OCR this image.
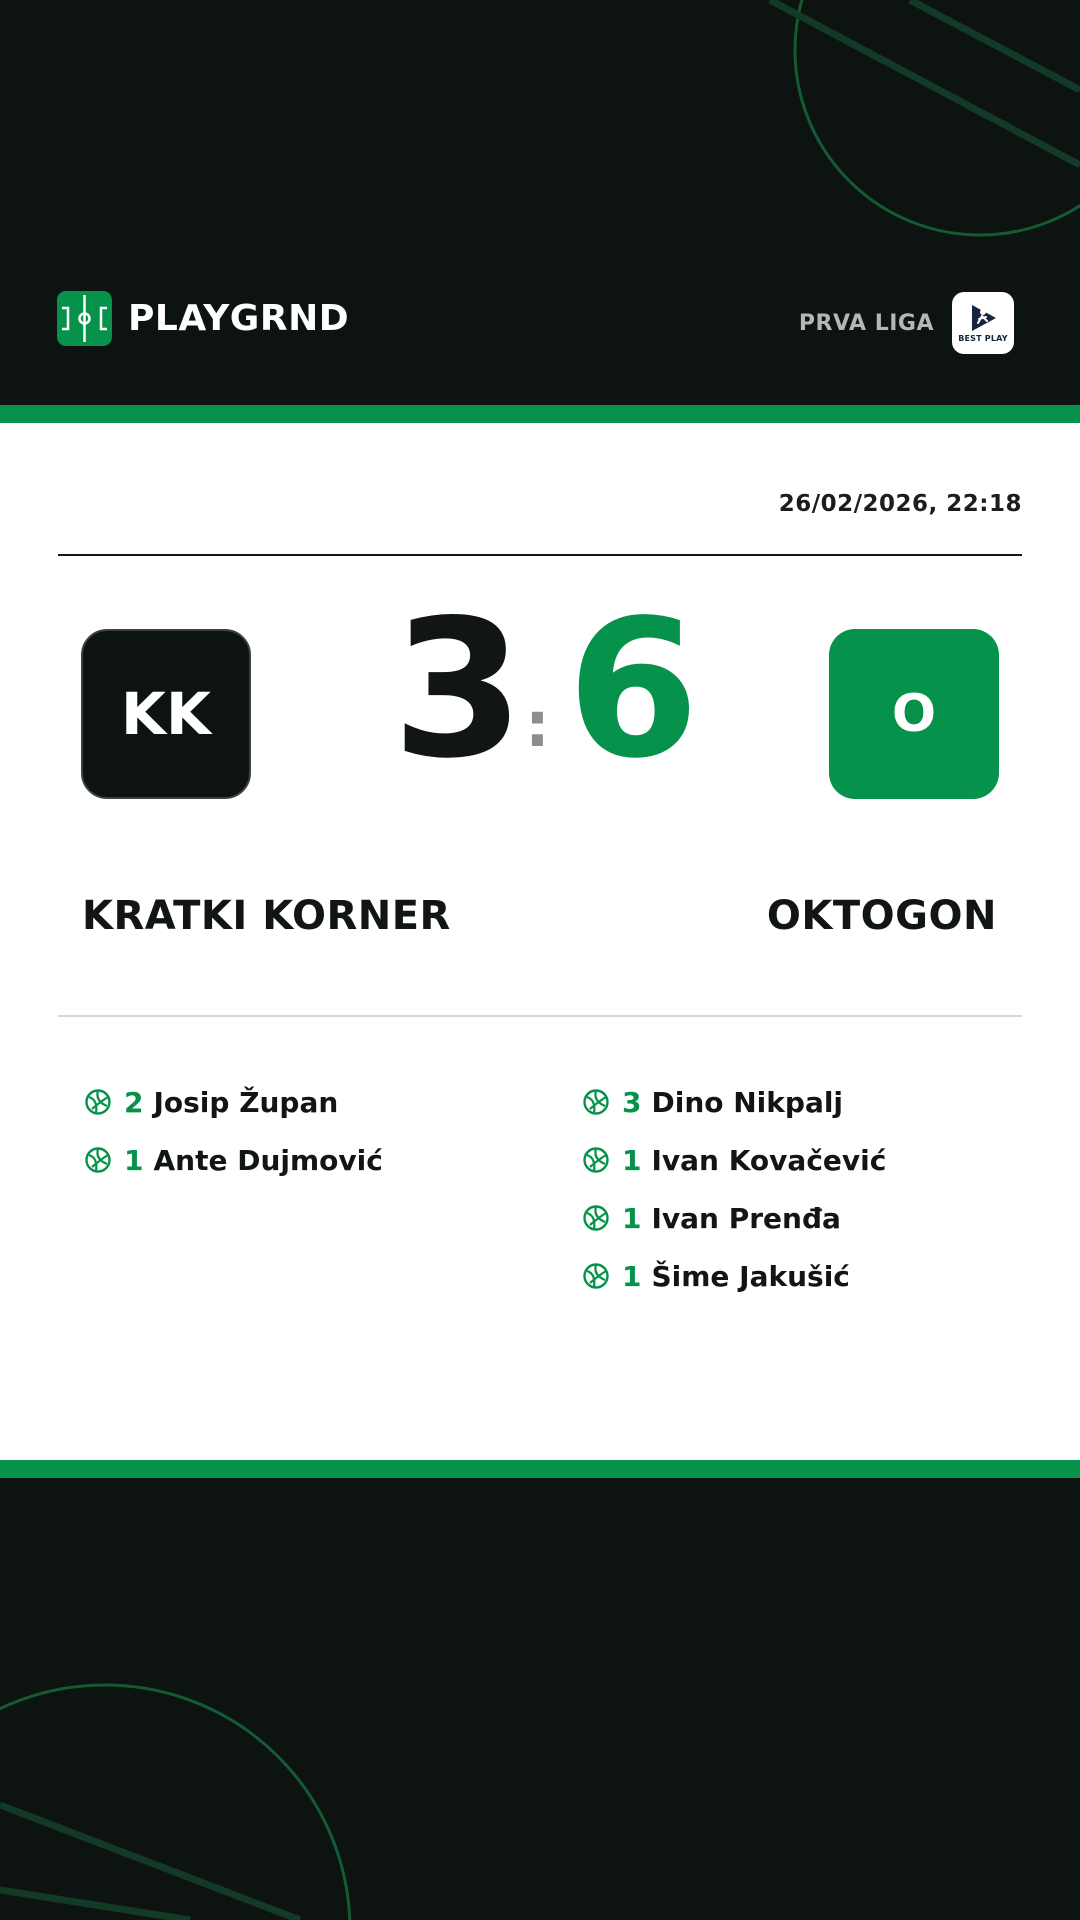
PLAYGRND	PRVA LIGA
BEST PLAY
26/02/2026, 22:18
KK 3 : 6	O
KRATKI KORNER	OKTOGON
2 Josip Župan
1 Ante Dujmović
3 Dino Nikpalj
1 Ivan Kovačević
1 Ivan Prenđa
1 Šime Jakušić
